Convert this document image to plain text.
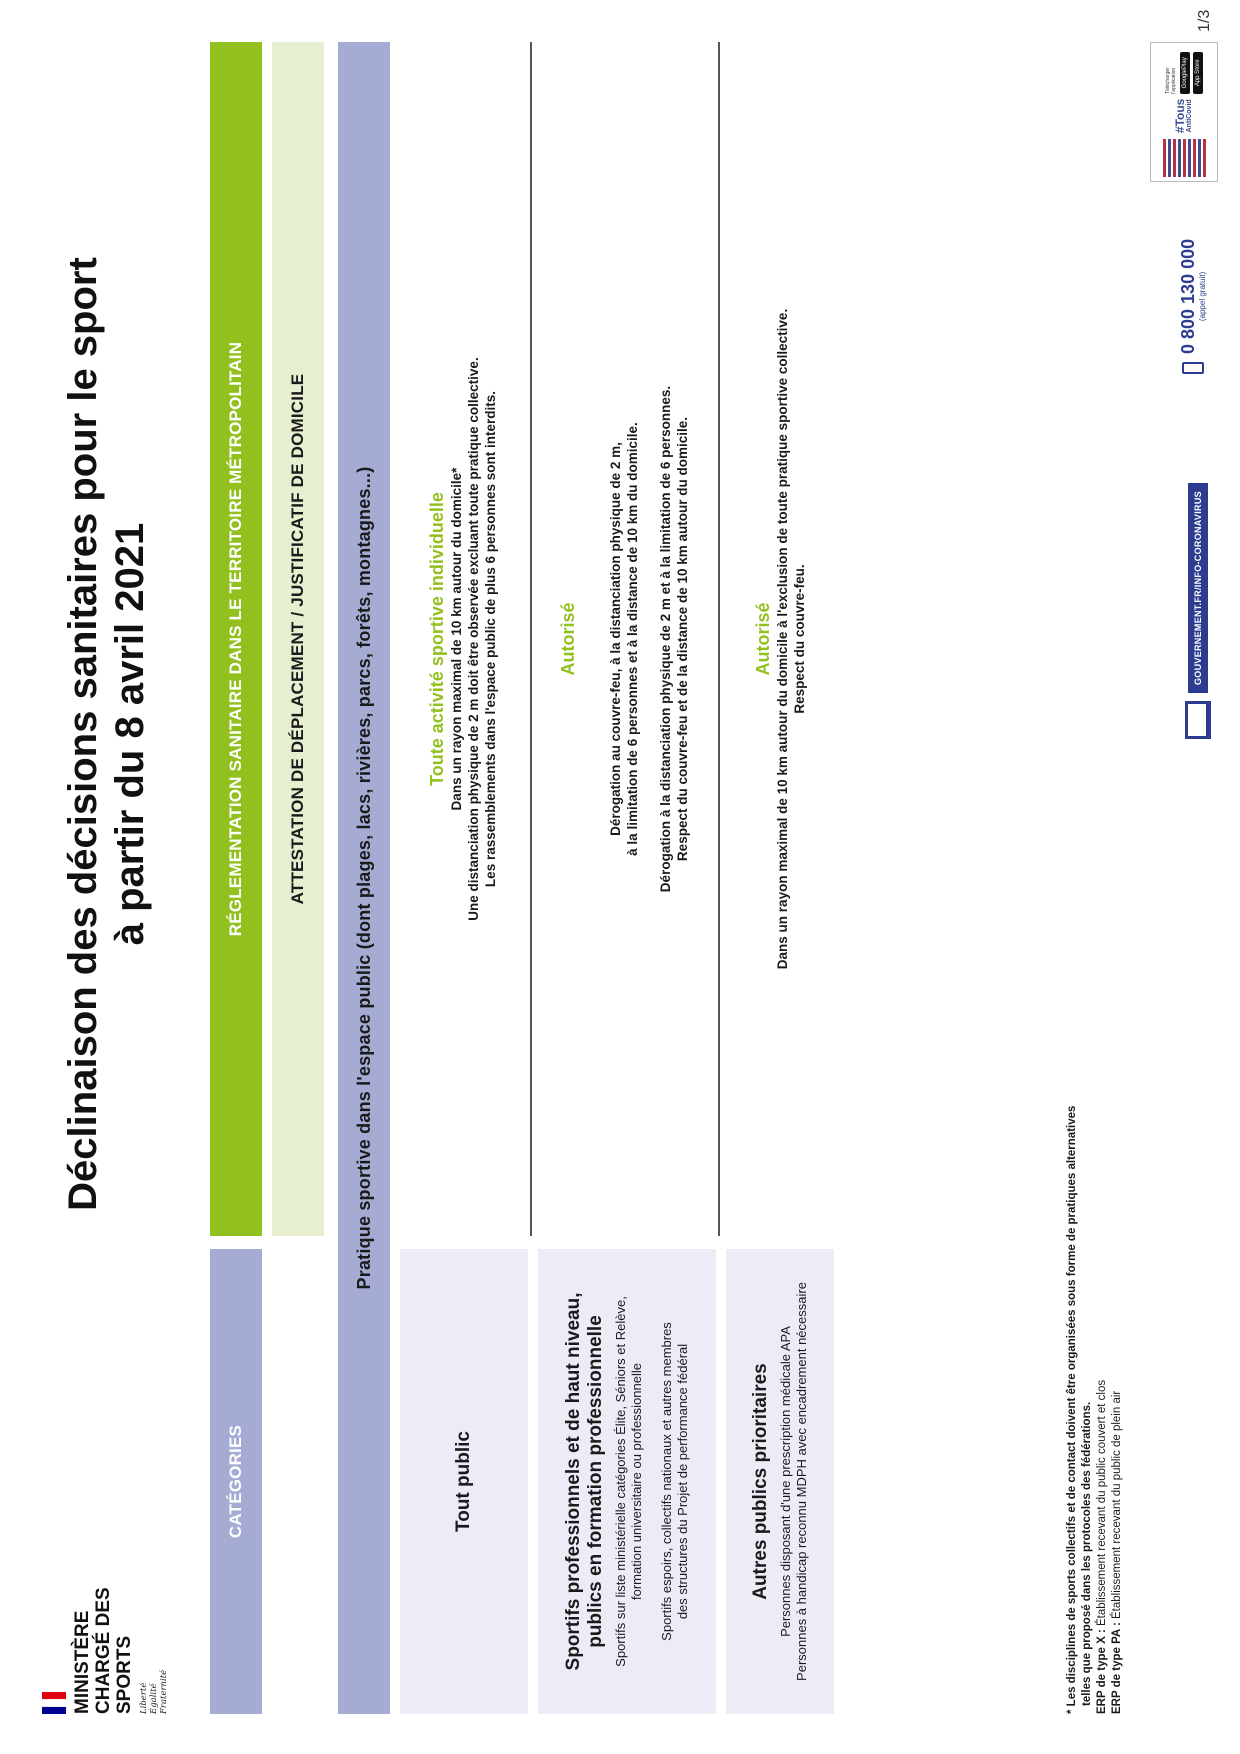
1/3
MINISTÈRE CHARGÉ DES SPORTS Liberté Égalité Fraternité
Déclinaison des décisions sanitaires pour le sport à partir du 8 avril 2021
CATÉGORIES
RÉGLEMENTATION SANITAIRE DANS LE TERRITOIRE MÉTROPOLITAIN	ATTESTATION DE DÉPLACEMENT / JUSTIFICATIF DE DOMICILE	Pratique sportive dans l'espace public (dont plages, lacs, rivières, parcs, forêts, montagnes...)
Tout public
Toute activité sportive individuelle Dans un rayon maximal de 10 km autour du domicile* Une distanciation physique de 2 m doit être observée excluant toute pratique collective. Les rassemblements dans l'espace public de plus 6 personnes sont interdits.
Sportifs professionnels et de haut niveau, publics en formation professionnelle Sportifs sur liste ministérielle catégories Élite, Séniors et Relève, formation universitaire ou professionnelle Sportifs espoirs, collectifs nationaux et autres membres des structures du Projet de performance fédéral
Autorisé Dérogation au couvre-feu, à la distanciation physique de 2 m, à la limitation de 6 personnes et à la distance de 10 km du domicile. Dérogation à la distanciation physique de 2 m et à la limitation de 6 personnes. Respect du couvre-feu et de la distance de 10 km autour du domicile.
Autres publics prioritaires Personnes disposant d'une prescription médicale APA Personnes à handicap reconnu MDPH avec encadrement nécessaire
Autorisé Dans un rayon maximal de 10 km autour du domicile à l'exclusion de toute pratique sportive collective. Respect du couvre-feu.
* Les disciplines de sports collectifs et de contact doivent être organisées sous forme de pratiques alternatives telles que proposé dans les protocoles des fédérations. ERP de type X : Établissement recevant du public couvert et clos
ERP de type PA : Établissement recevant du public de plein air
GOUVERNEMENT.FR/INFO-CORONAVIRUS
0 800 130 000 (appel gratuit)
#Tous AntiCovid
Télécharger l'application GooglePlay	App Store
